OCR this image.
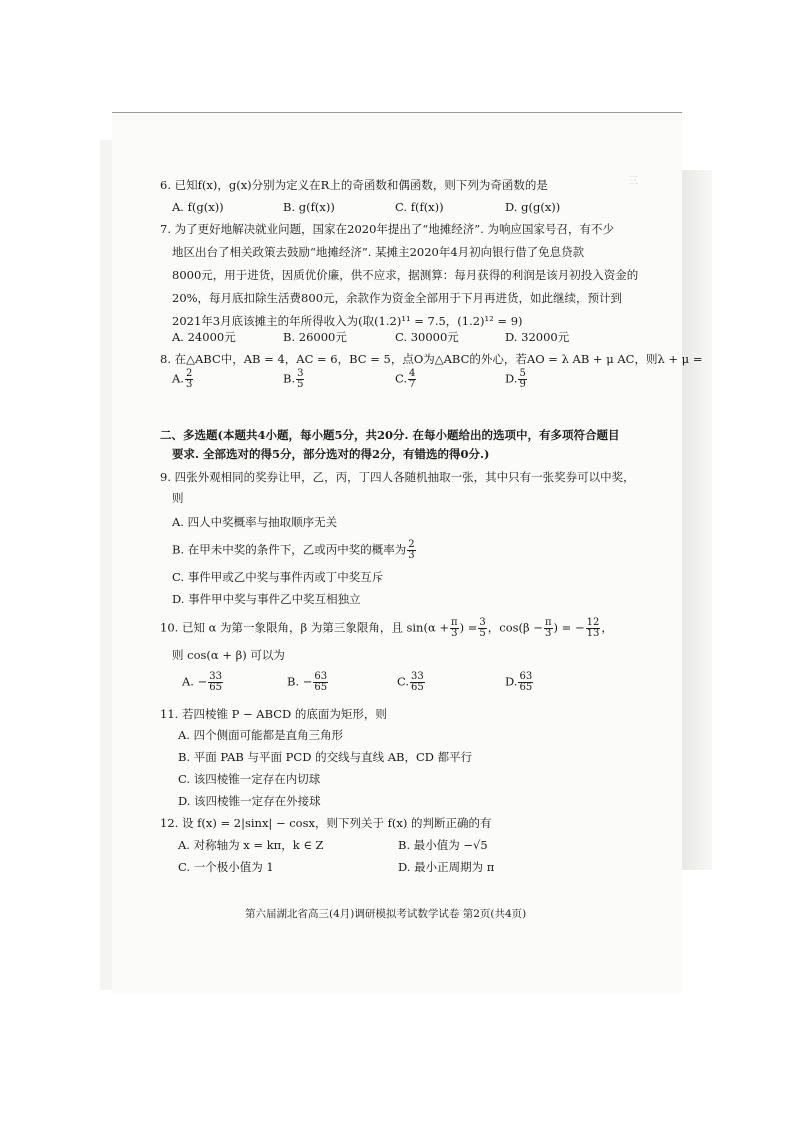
三
6. 已知f(x)，g(x)分别为定义在R上的奇函数和偶函数，则下列为奇函数的是
A. f(g(x))	B. g(f(x))	C. f(f(x))	D. g(g(x))
7. 为了更好地解决就业问题，国家在2020年提出了“地摊经济”. 为响应国家号召，有不少
地区出台了相关政策去鼓励“地摊经济”. 某摊主2020年4月初向银行借了免息贷款
8000元，用于进货，因质优价廉，供不应求，据测算：每月获得的利润是该月初投入资金的
20%，每月底扣除生活费800元，余款作为资金全部用于下月再进货，如此继续，预计到
2021年3月底该摊主的年所得收入为(取(1.2)¹¹ = 7.5，(1.2)¹² = 9)
A. 24000元	B. 26000元	C. 30000元	D. 32000元
8. 在△ABC中，AB = 4，AC = 6，BC = 5，点O为△ABC的外心，若AO = λ AB + μ AC，则λ + μ =
A. $\frac{2}{3}$	B. $\frac{3}{5}$	C. $\frac{4}{7}$	D. $\frac{5}{9}$
二、多选题(本题共4小题，每小题5分，共20分. 在每小题给出的选项中，有多项符合题目
要求. 全部选对的得5分，部分选对的得2分，有错选的得0分.)
9. 四张外观相同的奖券让甲，乙，丙，丁四人各随机抽取一张，其中只有一张奖券可以中奖，
则
A. 四人中奖概率与抽取顺序无关
B. 在甲未中奖的条件下，乙或丙中奖的概率为 $\frac{2}{3}$
C. 事件甲或乙中奖与事件丙或丁中奖互斥
D. 事件甲中奖与事件乙中奖互相独立
10. 已知 α 为第一象限角，β 为第三象限角，且 $\sin(\alpha + \frac{\pi}{3}$ ) = $\frac{3}{5}$ ，$\cos(\beta - \frac{\pi}{3}$ ) = − $\frac{12}{13}$ ，
则 cos(α + β) 可以为
A. − $\frac{33}{65}$	B. − $\frac{63}{65}$	C. $\frac{33}{65}$	D. $\frac{63}{65}$
11. 若四棱锥 P − ABCD 的底面为矩形，则
A. 四个侧面可能都是直角三角形
B. 平面 PAB 与平面 PCD 的交线与直线 AB，CD 都平行
C. 该四棱锥一定存在内切球
D. 该四棱锥一定存在外接球
12. 设 f(x) = 2|sinx| − cosx，则下列关于 f(x) 的判断正确的有
A. 对称轴为 x = kπ，k ∈ Z	B. 最小值为 −√5
C. 一个极小值为 1	D. 最小正周期为 π
第六届湖北省高三(4月)调研模拟考试数学试卷 第2页(共4页)
